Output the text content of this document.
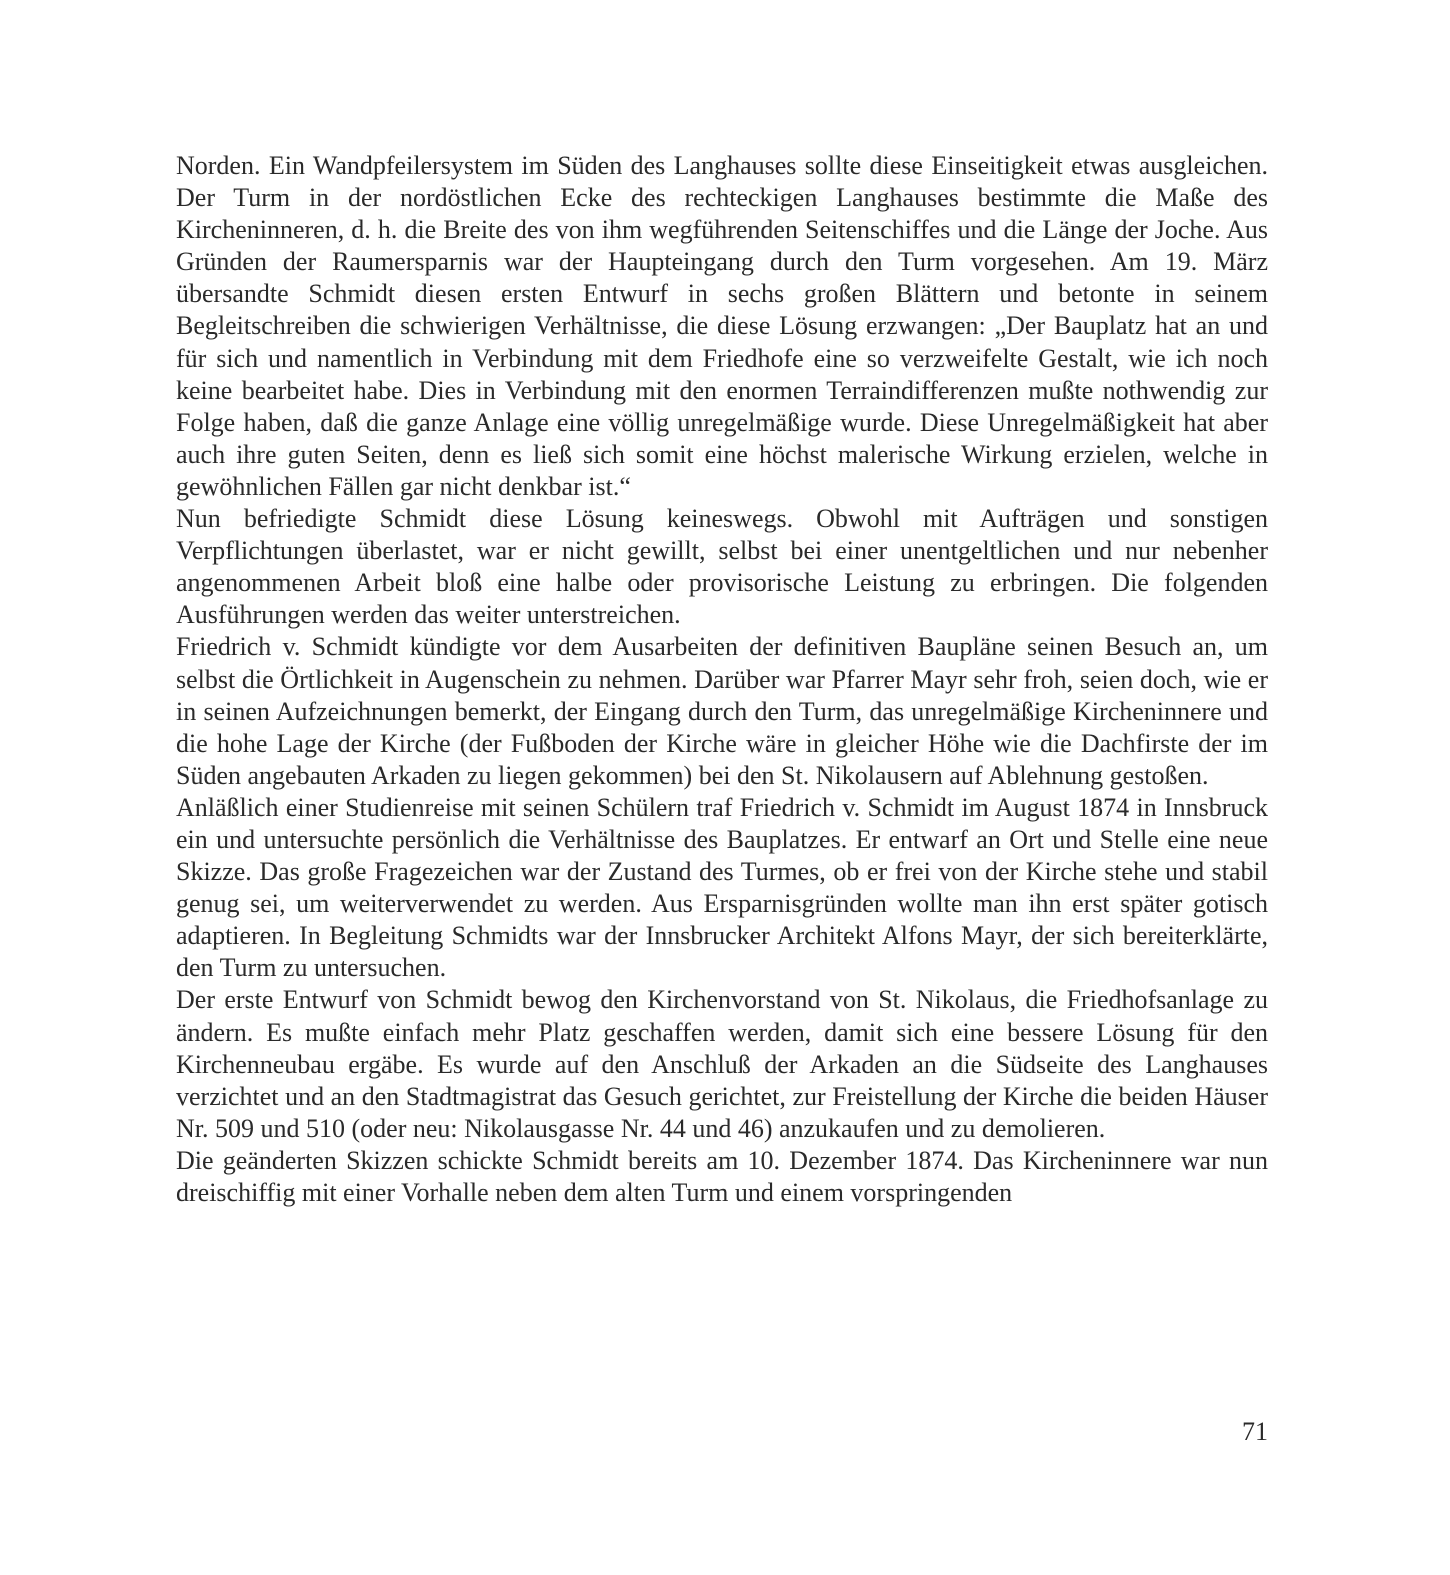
Norden. Ein Wandpfeilersystem im Süden des Langhauses sollte diese Einseitigkeit etwas ausgleichen. Der Turm in der nordöstlichen Ecke des rechteckigen Langhauses bestimmte die Maße des Kircheninneren, d. h. die Breite des von ihm wegführenden Seitenschiffes und die Länge der Joche. Aus Gründen der Raumersparnis war der Haupteingang durch den Turm vorgesehen. Am 19. März übersandte Schmidt diesen ersten Entwurf in sechs großen Blättern und betonte in seinem Begleitschreiben die schwierigen Verhältnisse, die diese Lösung erzwangen: „Der Bauplatz hat an und für sich und namentlich in Verbindung mit dem Friedhofe eine so verzweifelte Gestalt, wie ich noch keine bearbeitet habe. Dies in Verbindung mit den enormen Terraindifferenzen mußte nothwendig zur Folge haben, daß die ganze Anlage eine völlig unregelmäßige wurde. Diese Unregelmäßigkeit hat aber auch ihre guten Seiten, denn es ließ sich somit eine höchst malerische Wirkung erzielen, welche in gewöhnlichen Fällen gar nicht denkbar ist.“

Nun befriedigte Schmidt diese Lösung keineswegs. Obwohl mit Aufträgen und sonstigen Verpflichtungen überlastet, war er nicht gewillt, selbst bei einer unentgeltlichen und nur nebenher angenommenen Arbeit bloß eine halbe oder provisorische Leistung zu erbringen. Die folgenden Ausführungen werden das weiter unterstreichen.

Friedrich v. Schmidt kündigte vor dem Ausarbeiten der definitiven Baupläne seinen Besuch an, um selbst die Örtlichkeit in Augenschein zu nehmen. Darüber war Pfarrer Mayr sehr froh, seien doch, wie er in seinen Aufzeichnungen bemerkt, der Eingang durch den Turm, das unregelmäßige Kircheninnere und die hohe Lage der Kirche (der Fußboden der Kirche wäre in gleicher Höhe wie die Dachfirste der im Süden angebauten Arkaden zu liegen gekommen) bei den St. Nikolausern auf Ablehnung gestoßen.

Anläßlich einer Studienreise mit seinen Schülern traf Friedrich v. Schmidt im August 1874 in Innsbruck ein und untersuchte persönlich die Verhältnisse des Bauplatzes. Er entwarf an Ort und Stelle eine neue Skizze. Das große Fragezeichen war der Zustand des Turmes, ob er frei von der Kirche stehe und stabil genug sei, um weiterverwendet zu werden. Aus Ersparnisgründen wollte man ihn erst später gotisch adaptieren. In Begleitung Schmidts war der Innsbrucker Architekt Alfons Mayr, der sich bereiterklärte, den Turm zu untersuchen.

Der erste Entwurf von Schmidt bewog den Kirchenvorstand von St. Nikolaus, die Friedhofsanlage zu ändern. Es mußte einfach mehr Platz geschaffen werden, damit sich eine bessere Lösung für den Kirchenneubau ergäbe. Es wurde auf den Anschluß der Arkaden an die Südseite des Langhauses verzichtet und an den Stadtmagistrat das Gesuch gerichtet, zur Freistellung der Kirche die beiden Häuser Nr. 509 und 510 (oder neu: Nikolausgasse Nr. 44 und 46) anzukaufen und zu demolieren.

Die geänderten Skizzen schickte Schmidt bereits am 10. Dezember 1874. Das Kircheninnere war nun dreischiffig mit einer Vorhalle neben dem alten Turm und einem vorspringenden

71
